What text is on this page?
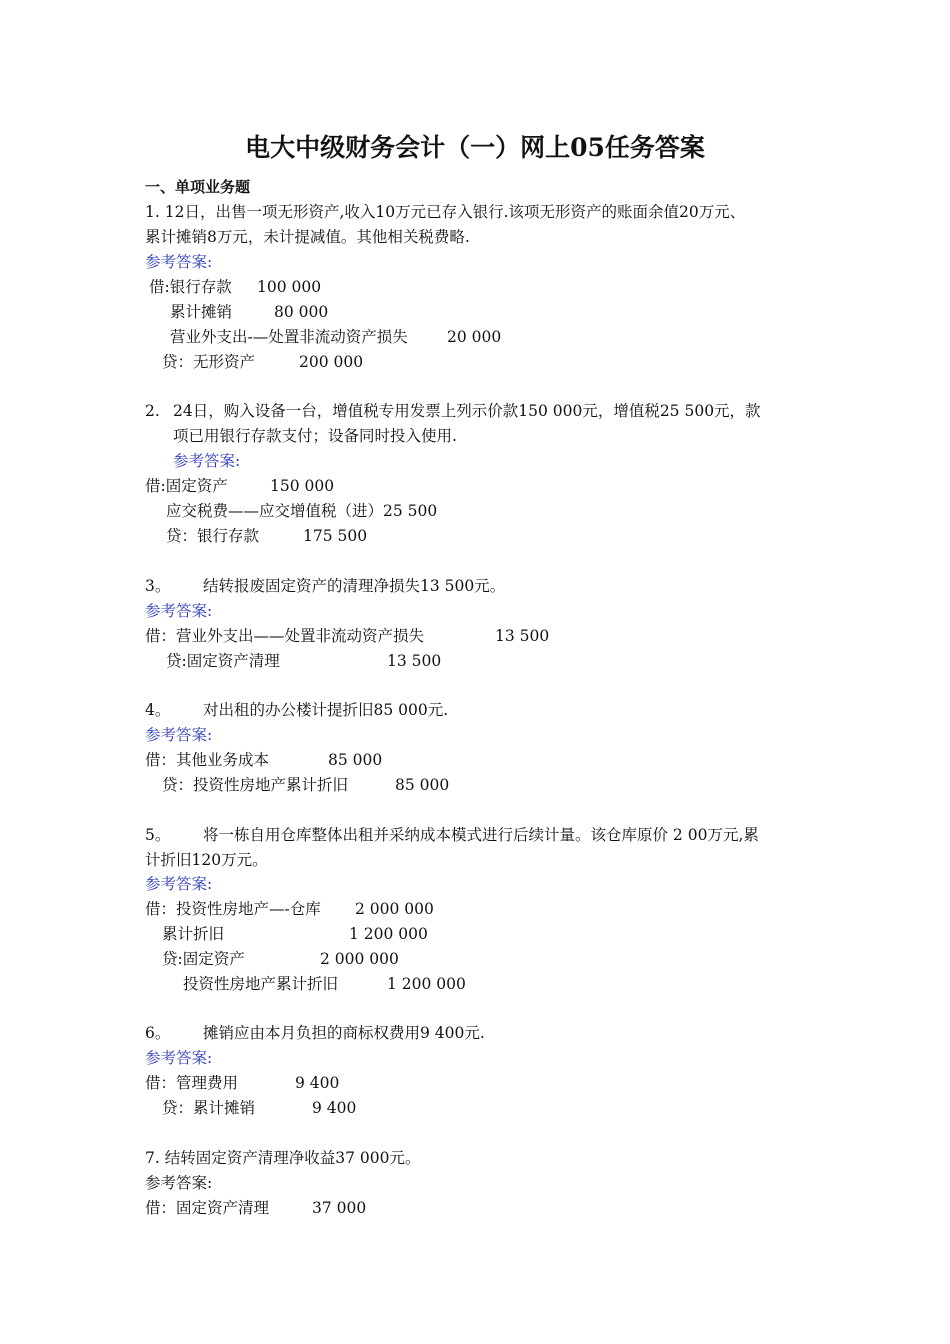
电大中级财务会计（一）网上05任务答案
一、单项业务题
1. 12日，出售一项无形资产,收入10万元已存入银行.该项无形资产的账面余值20万元、
累计摊销8万元，未计提减值。其他相关税费略.
参考答案:
借:银行存款 100 000
累计摊销	80 000
营业外支出-—处置非流动资产损失	20 000
贷：无形资产	200 000
2. 24日，购入设备一台，增值税专用发票上列示价款150 000元，增值税25 500元，款
项已用银行存款支付；设备同时投入使用.
参考答案:
借:固定资产	150 000
应交税费——应交增值税（进）25 500
贷：银行存款	175 500
3。 结转报废固定资产的清理净损失13 500元。
参考答案:
借：营业外支出——处置非流动资产损失	13 500
贷:固定资产清理	13 500
4。 对出租的办公楼计提折旧85 000元.
参考答案:
借：其他业务成本	85 000
贷：投资性房地产累计折旧	85 000
5。 将一栋自用仓库整体出租并采纳成本模式进行后续计量。该仓库原价 2 00万元,累
计折旧120万元。
参考答案:
借：投资性房地产—-仓库 2 000 000
累计折旧	1 200 000
贷:固定资产	2 000 000
投资性房地产累计折旧	1 200 000
6。 摊销应由本月负担的商标权费用9 400元.
参考答案:
借：管理费用	9 400
贷：累计摊销	9 400
7. 结转固定资产清理净收益37 000元。
参考答案:
借：固定资产清理	37 000
